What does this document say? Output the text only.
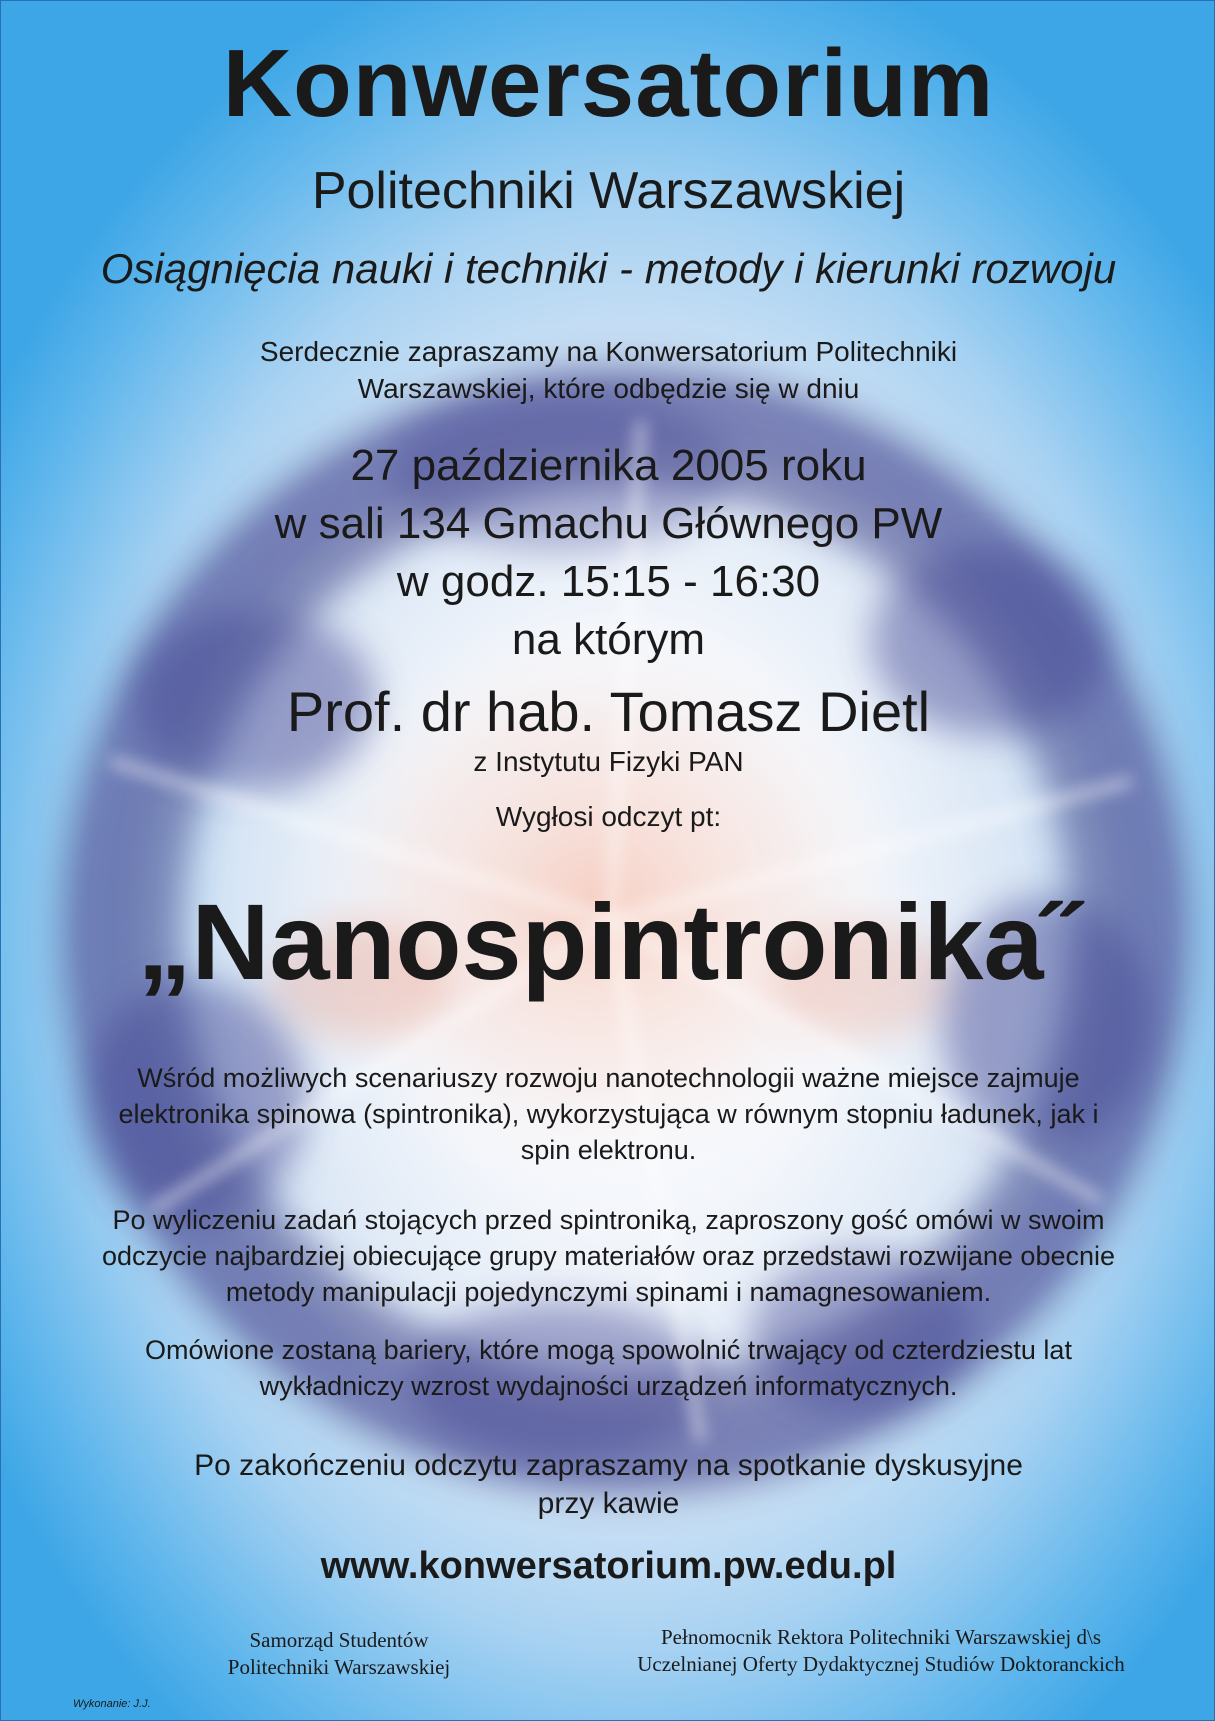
Konwersatorium
Politechniki Warszawskiej
Osiągnięcia nauki i techniki - metody i kierunki rozwoju
Serdecznie zapraszamy na Konwersatorium Politechniki
Warszawskiej, które odbędzie się w dniu
27 października 2005 roku
w sali 134 Gmachu Głównego PW
w godz. 15:15 - 16:30
na którym
Prof. dr hab. Tomasz Dietl
z Instytutu Fizyki PAN
Wygłosi odczyt pt:
„Nanospintronika˝
Wśród możliwych scenariuszy rozwoju nanotechnologii ważne miejsce zajmuje
elektronika spinowa (spintronika), wykorzystująca w równym stopniu ładunek, jak i
spin elektronu.
Po wyliczeniu zadań stojących przed spintroniką, zaproszony gość omówi w swoim
odczycie najbardziej obiecujące grupy materiałów oraz przedstawi rozwijane obecnie
metody manipulacji pojedynczymi spinami i namagnesowaniem.
Omówione zostaną bariery, które mogą spowolnić trwający od czterdziestu lat
wykładniczy wzrost wydajności urządzeń informatycznych.
Po zakończeniu odczytu zapraszamy na spotkanie dyskusyjne
przy kawie
www.konwersatorium.pw.edu.pl
Samorząd Studentów
Politechniki Warszawskiej
Pełnomocnik Rektora Politechniki Warszawskiej d\s
Uczelnianej Oferty Dydaktycznej Studiów Doktoranckich
Wykonanie: J.J.
